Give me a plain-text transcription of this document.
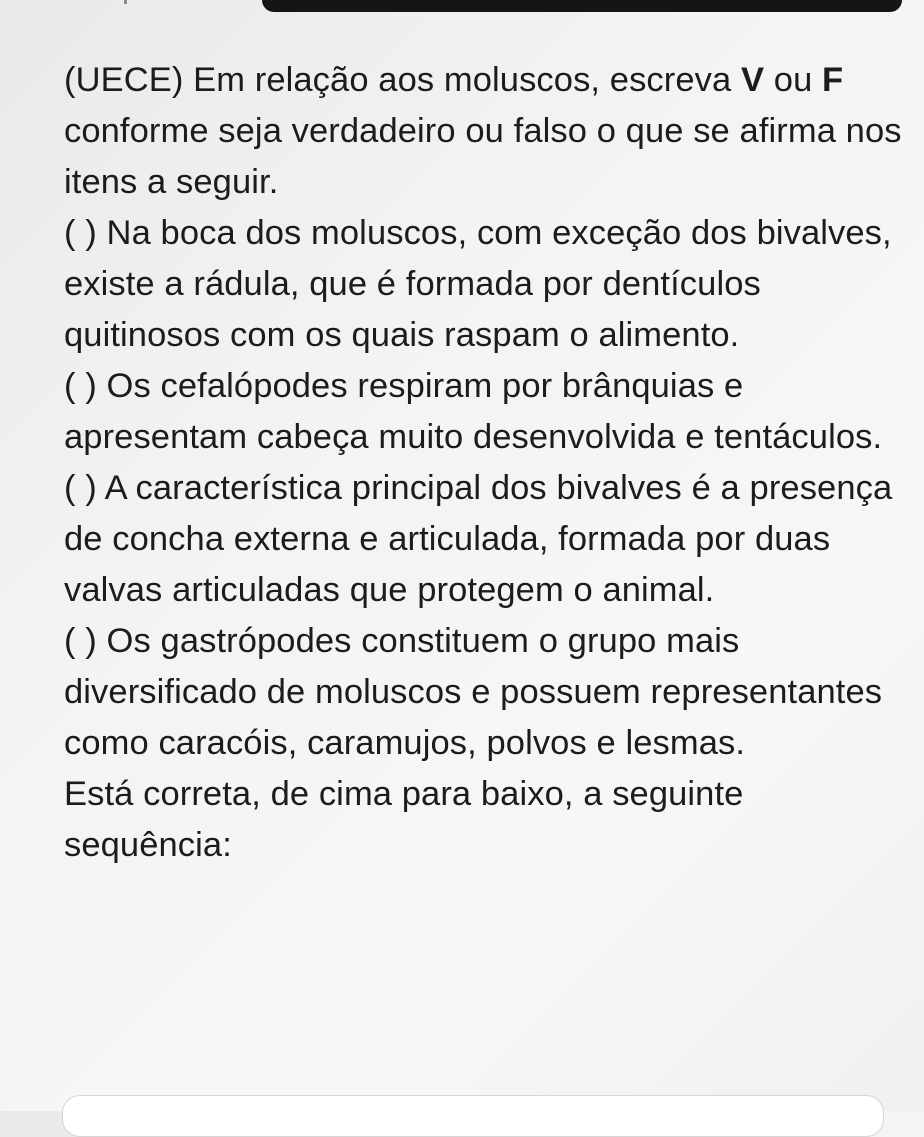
(UECE) Em relação aos moluscos, escreva V ou F conforme seja verdadeiro ou falso o que se afirma nos itens a seguir.

( ) Na boca dos moluscos, com exceção dos bivalves, existe a rádula, que é formada por dentículos quitinosos com os quais raspam o alimento.

( ) Os cefalópodes respiram por brânquias e apresentam cabeça muito desenvolvida e tentáculos.

( ) A característica principal dos bivalves é a presença de concha externa e articulada, formada por duas valvas articuladas que protegem o animal.

( ) Os gastrópodes constituem o grupo mais diversificado de moluscos e possuem representantes como caracóis, caramujos, polvos e lesmas.

Está correta, de cima para baixo, a seguinte sequência:
